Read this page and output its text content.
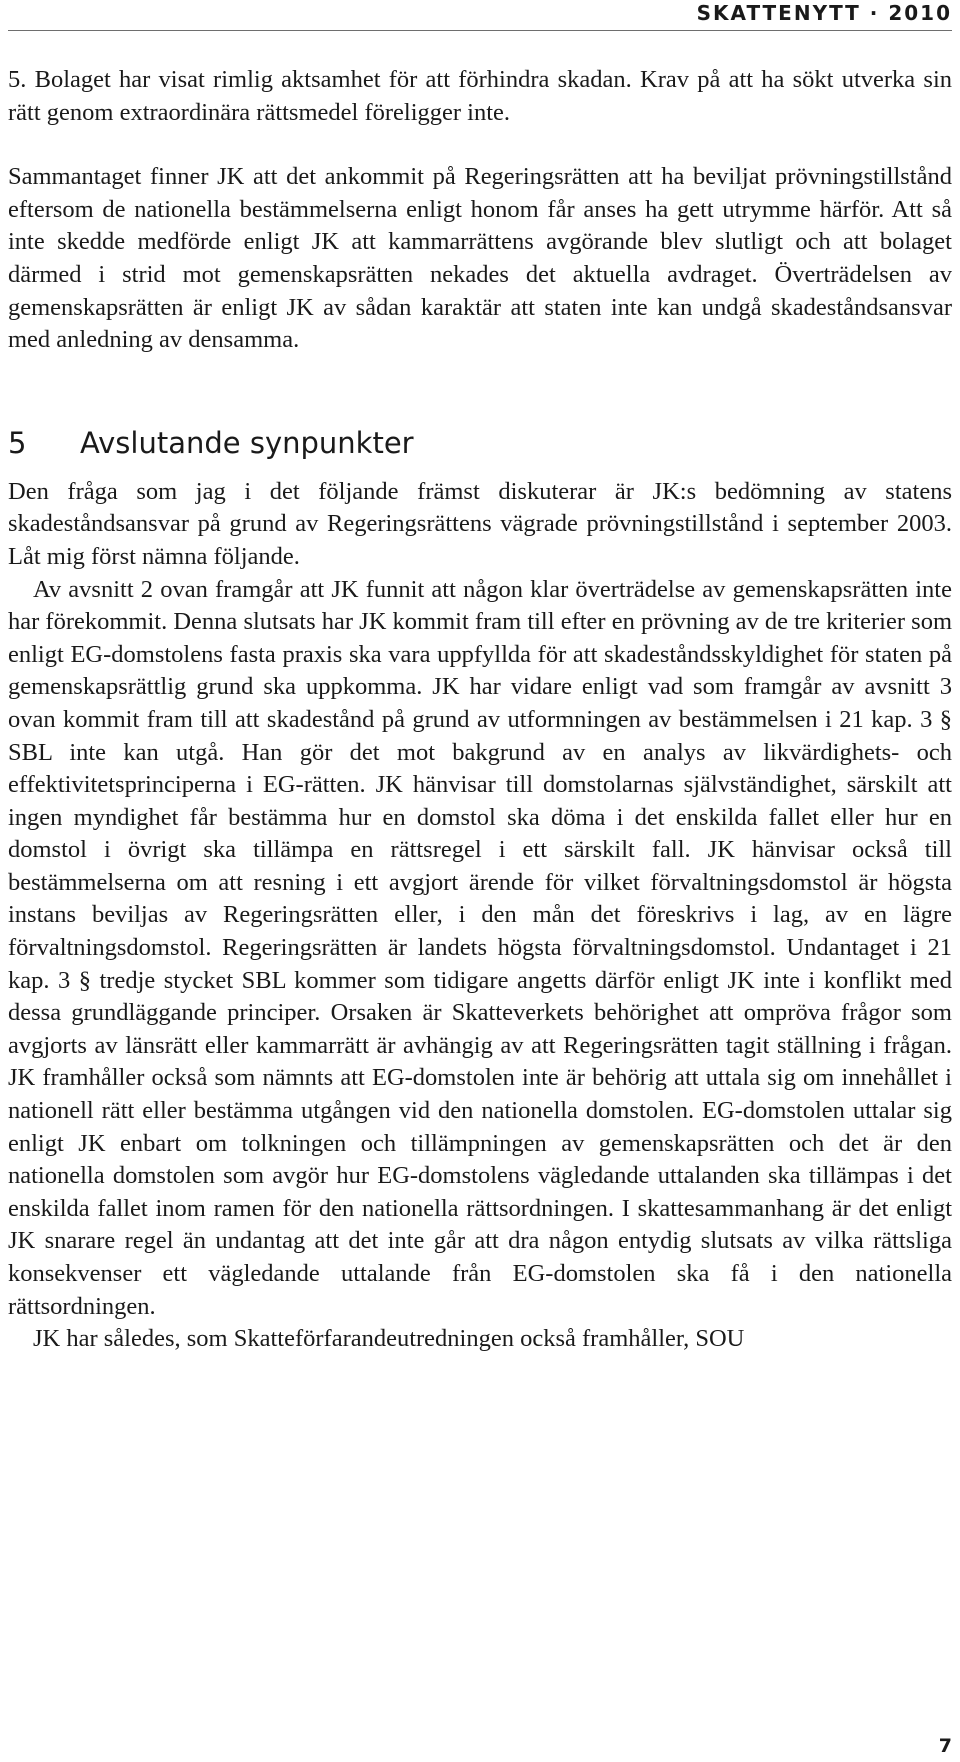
SKATTENYTT · 2010

5. Bolaget har visat rimlig aktsamhet för att förhindra skadan. Krav på att ha sökt utverka sin rätt genom extraordinära rättsmedel föreligger inte.

Sammantaget finner JK att det ankommit på Regeringsrätten att ha beviljat prövningstillstånd eftersom de nationella bestämmelserna enligt honom får anses ha gett utrymme härför. Att så inte skedde medförde enligt JK att kammarrättens avgörande blev slutligt och att bolaget därmed i strid mot gemenskapsrätten nekades det aktuella avdraget. Överträdelsen av gemenskapsrätten är enligt JK av sådan karaktär att staten inte kan undgå skadeståndsansvar med anledning av densamma.

5	Avslutande synpunkter

Den fråga som jag i det följande främst diskuterar är JK:s bedömning av statens skadeståndsansvar på grund av Regeringsrättens vägrade prövningstillstånd i september 2003. Låt mig först nämna följande.

Av avsnitt 2 ovan framgår att JK funnit att någon klar överträdelse av gemenskapsrätten inte har förekommit. Denna slutsats har JK kommit fram till efter en prövning av de tre kriterier som enligt EG-domstolens fasta praxis ska vara uppfyllda för att skadeståndsskyldighet för staten på gemenskapsrättlig grund ska uppkomma. JK har vidare enligt vad som framgår av avsnitt 3 ovan kommit fram till att skadestånd på grund av utformningen av bestämmelsen i 21 kap. 3 § SBL inte kan utgå. Han gör det mot bakgrund av en analys av likvärdighets- och effektivitetsprinciperna i EG-rätten. JK hänvisar till domstolarnas självständighet, särskilt att ingen myndighet får bestämma hur en domstol ska döma i det enskilda fallet eller hur en domstol i övrigt ska tillämpa en rättsregel i ett särskilt fall. JK hänvisar också till bestämmelserna om att resning i ett avgjort ärende för vilket förvaltningsdomstol är högsta instans beviljas av Regeringsrätten eller, i den mån det föreskrivs i lag, av en lägre förvaltningsdomstol. Regeringsrätten är landets högsta förvaltningsdomstol. Undantaget i 21 kap. 3 § tredje stycket SBL kommer som tidigare angetts därför enligt JK inte i konflikt med dessa grundläggande principer. Orsaken är Skatteverkets behörighet att ompröva frågor som avgjorts av länsrätt eller kammarrätt är avhängig av att Regeringsrätten tagit ställning i frågan. JK framhåller också som nämnts att EG-domstolen inte är behörig att uttala sig om innehållet i nationell rätt eller bestämma utgången vid den nationella domstolen. EG-domstolen uttalar sig enligt JK enbart om tolkningen och tillämpningen av gemenskapsrätten och det är den nationella domstolen som avgör hur EG-domstolens vägledande uttalanden ska tillämpas i det enskilda fallet inom ramen för den nationella rättsordningen. I skattesammanhang är det enligt JK snarare regel än undantag att det inte går att dra någon entydig slutsats av vilka rättsliga konsekvenser ett vägledande uttalande från EG-domstolen ska få i den nationella rättsordningen.

JK har således, som Skatteförfarandeutredningen också framhåller, SOU

7
